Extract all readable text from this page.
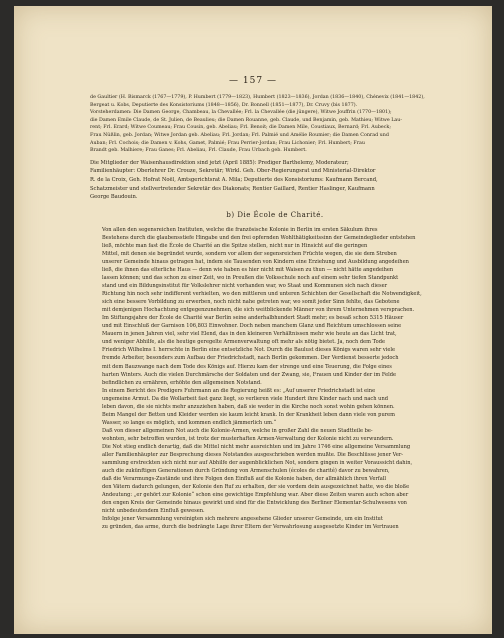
— 157 —
de Gaultier (H. Bismarck (1767—1779), P. Humbert (1779—1823), Humbert (1823—1836), Jordan (1836—1840), Chénevix (1841—1842),
Bergeat u. Kobs, Deputierte des Konsistoriums (1848—1856), Dr. Bonnell (1851—1877), Dr. Cruvy (bis 1877).
Vorsteherdamen: Die Damen George, Chambeau, la Chevallée; Frl. la Chevallée (die jüngere), Witwe Jouffrin (1770—1801);
die Damen Emile Claude, de St. Julien, de Beaulieu; die Damen Rouanne, geb. Claude, und Benjamin, geb. Mathieu; Witwe Lau-
rent; Frl. Erard; Witwe Coumeau; Frau Cousin, geb. Abeliau; Frl. Benoit; die Damen Mile, Coustiaux, Bernard; Frl. Aubeck;
Frau Nüßlin, geb. Jordan; Witwe Jordan geb. Abeliau; Frl. Jordan; Frl. Palmié und Amélie Roumier; die Damen Conrad und
Auban; Frl. Cochois; die Damen v. Kohs, Gamet, Palmié; Frau Perrier-Jordan; Frau Lichonier; Frl. Humbert; Frau
Brandt geb. Malhiere; Frau Ganes; Frl. Abeliau, Frl. Claude, Frau Urbach geb. Humbert.
Die Mitglieder der Waisenhausdirektion sind jetzt (April 1885): Prediger Barthelemy, Moderateur;
Familienhäupter: Oberlehrer Dr. Crouze, Sekretär; Wirkl. Geh. Ober-Regierungsrat und Ministerial-Direktor
R. de la Croix, Geh. Hofrat Noël, Amtsgerichtsrat A. Mila; Deputierte des Konsistoriums: Kaufmann Bercand,
Schatzmeister und stellvertretender Sekretär des Diakonats; Rentier Gaillard, Rentier Haslinger, Kaufmann
George Baudouin.
b) Die École de Charité.
Von allen den segensreichen Instituten, welche die französische Kolonie in Berlin im ersten Säkulum ihres
Bestehens durch die glaubensstiefe Hingabe und den frei opfernden Wohlthätigkeitssinn der Gemeindeglieder entstehen
ließ, möchte man fast die École de Charité an die Spitze stellen, nicht nur in Hinsicht auf die geringen
Mittel, mit denen sie begründet wurde, sondern vor allem der segensreichen Früchte wegen, die sie dem Streben
unserer Gemeinde hinaus getragen hat, indem sie Tausenden von Kindern eine Erziehung und Ausbildung angedeihen
ließ, die ihnen das elterliche Haus — denn wie haben es hier nicht mit Waisen zu thun — nicht hätte angedeihen
lassen können; und das schon zu einer Zeit, wo in Preußen die Volksschule noch auf einem sehr tiefen Standpunkt
stand und ein Bildungsinstitut für Volkslehrer nicht vorhanden war, wo Staat und Kommunen sich nach dieser
Richtung hin noch sehr indifferent verhielten, wo den mittleren und unteren Schichten der Gesellschaft die Notwendigkeit,
sich eine bessere Vorbildung zu erwerben, noch nicht nahe getreten war, wo somit jeder Sinn fehlte, das Gebotene
mit demjenigen Hochachtung entgegenzunehmen, die sich weitblickende Männer von ihrem Unternehmen versprachen.
Im Stiftungsjahre der École de Charité war Berlin seine anderhalbhundert Stadt mehr; es besaß schon 5315 Häuser
und mit Einschluß der Garnison 106,803 Einwohner. Doch neben manchem Glanz und Reichtum umschlossen seine
Mauern in jenen Jahren viel, sehr viel Elend, das in den kleineren Verhältnissen mehr wie heute an das Licht trat,
und weniger Abhilfe, als die heutige geregelte Armenverwaltung oft mehr als nötig bietet. Ja, noch dem Tode
Friedrich Wilhelms I. herrschte in Berlin eine entsetzliche Not. Durch die Baulust dieses Königs waren sehr viele
fremde Arbeiter, besonders zum Aufbau der Friedrichstadt, nach Berlin gekommen. Der Verdienst besserte jedoch
mit dem Bauzwange nach dem Tode des Königs auf. Hierzu kam der strenge und eine Teuerung, die Folge eines
harten Winters. Auch die vielen Durchmärsche der Soldaten und der Zwang, sie, Frauen und Kinder der im Felde
befindlichen zu ernähren, erhöhte den allgemeinen Notstand.
In einem Bericht des Predigers Fuhrmann an die Regierung heißt es: „Auf unserer Friedrichstadt ist eine
ungemeine Armut. Da die Wollarbeit fast ganz liegt, so verlieren viele Hundert ihre Kinder nach und nach und
leben davon, die sie nichts mehr anzuziehen haben, daß sie weder in die Kirche noch sonst wohin gehen können.
Beim Mangel der Betten und Kleider werden sie kaum leicht krank. In der Krankheit leben dann viele von purem
Wasser, so lange es möglich, und kommen endlich jämmerlich um.“
Daß von dieser allgemeinen Not auch die Kolonie-Armen, welche in großer Zahl die neuen Stadtteile be-
wohnten, sehr betroffen wurden, ist trotz der musterhaften Armen-Verwaltung der Kolonie nicht zu verwundern.
Die Not stieg endlich derartig, daß die Mittel nicht mehr ausreichten und im Jahre 1746 eine allgemeine Versammlung
aller Familienhäupter zur Besprechung dieses Notstandes ausgeschrieben werden mußte. Die Beschlüsse jener Ver-
sammlung erstreckten sich nicht nur auf Abhilfe der augenblicklichen Not, sondern gingen in weiter Voraussicht dahin,
auch die zukünftigen Generationen durch Gründung von Armenschulen (écoles de charité) davor zu bewahren,
daß die Verarmungs-Zustände und ihre Folgen den Einfluß auf die Kolonie haben, der allmählich ihren Verfall
den Vätern dadurch gelungen, der Kolonie den Ruf zu erhalten, der sie vordem dein ausgezeichnet hatte, wo die bloße
Andeutung: „er gehört zur Kolonie“ schon eine gewichtige Empfehlung war. Aber diese Zeiten waren auch schon aber
den engen Kreis der Gemeinde hinaus gewirkt und sind für die Entwicklung des Berliner Elementar-Schulwesens von
nicht unbedeutendem Einfluß gewesen.
Infolge jener Versammlung vereinigten sich mehrere angesehene Glieder unserer Gemeinde, um ein Institut
zu gründen, das arme, durch die bedrängte Lage ihrer Eltern der Verwahrlosung ausgesetzte Kinder im Vertrauen
